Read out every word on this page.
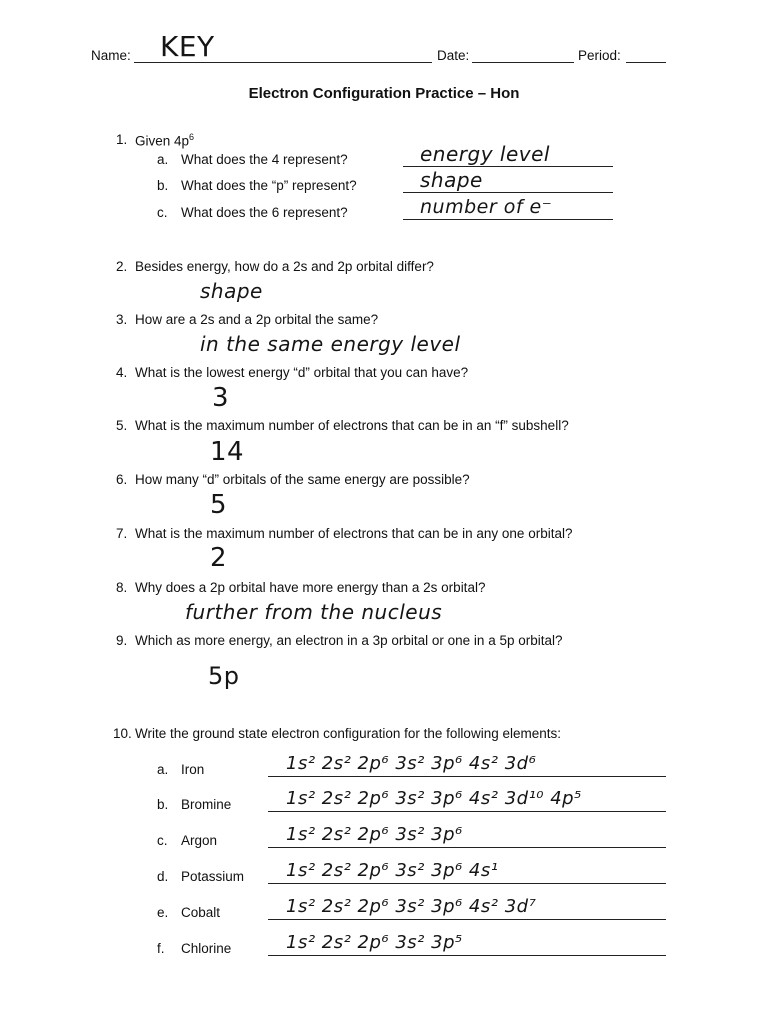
Name: KEY	Date:	Period:
Electron Configuration Practice – Hon
1. Given $4p^6$
a. What does the 4 represent?	energy level
b. What does the “p” represent?	shape
c. What does the 6 represent?	number of e⁻
2. Besides energy, how do a 2s and 2p orbital differ?
shape
3. How are a 2s and a 2p orbital the same?
in the same energy level
4. What is the lowest energy “d” orbital that you can have?
3
5. What is the maximum number of electrons that can be in an “f” subshell?
14
6. How many “d” orbitals of the same energy are possible?
5
7. What is the maximum number of electrons that can be in any one orbital?
2
8. Why does a 2p orbital have more energy than a 2s orbital?
further from the nucleus
9. Which as more energy, an electron in a 3p orbital or one in a 5p orbital?
5p
10. Write the ground state electron configuration for the following elements:
a. Iron	1s² 2s² 2p⁶ 3s² 3p⁶ 4s² 3d⁶
b. Bromine	1s² 2s² 2p⁶ 3s² 3p⁶ 4s² 3d¹⁰ 4p⁵
c. Argon	1s² 2s² 2p⁶ 3s² 3p⁶
d. Potassium 1s² 2s² 2p⁶ 3s² 3p⁶ 4s¹
e. Cobalt	1s² 2s² 2p⁶ 3s² 3p⁶ 4s² 3d⁷
f. Chlorine	1s² 2s² 2p⁶ 3s² 3p⁵
